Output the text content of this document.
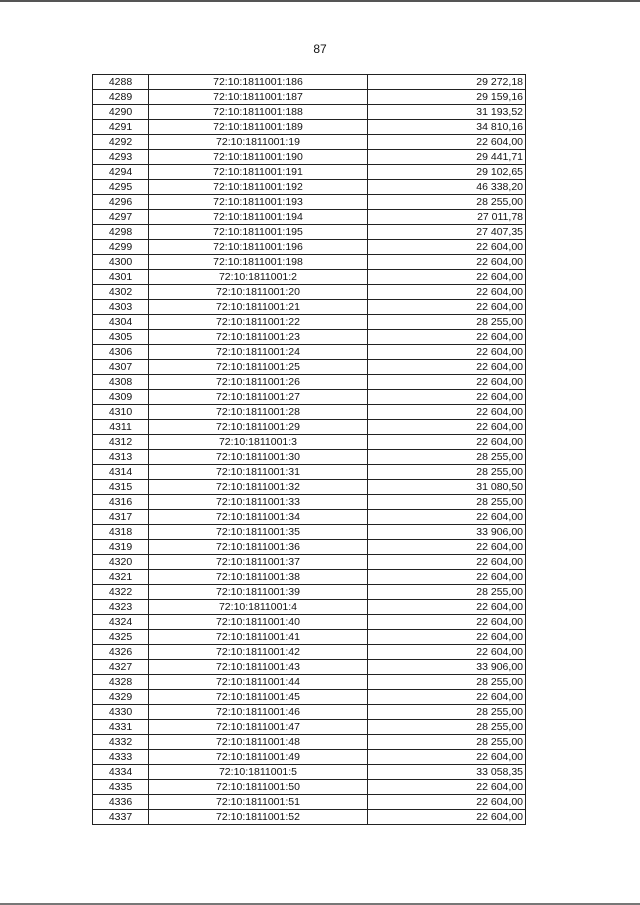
87
4288	72:10:1811001:186	29 272,18
4289	72:10:1811001:187	29 159,16
4290	72:10:1811001:188	31 193,52
4291	72:10:1811001:189	34 810,16
4292	72:10:1811001:19	22 604,00
4293	72:10:1811001:190	29 441,71
4294	72:10:1811001:191	29 102,65
4295	72:10:1811001:192	46 338,20
4296	72:10:1811001:193	28 255,00
4297	72:10:1811001:194	27 011,78
4298	72:10:1811001:195	27 407,35
4299	72:10:1811001:196	22 604,00
4300	72:10:1811001:198	22 604,00
4301	72:10:1811001:2	22 604,00
4302	72:10:1811001:20	22 604,00
4303	72:10:1811001:21	22 604,00
4304	72:10:1811001:22	28 255,00
4305	72:10:1811001:23	22 604,00
4306	72:10:1811001:24	22 604,00
4307	72:10:1811001:25	22 604,00
4308	72:10:1811001:26	22 604,00
4309	72:10:1811001:27	22 604,00
4310	72:10:1811001:28	22 604,00
4311	72:10:1811001:29	22 604,00
4312	72:10:1811001:3	22 604,00
4313	72:10:1811001:30	28 255,00
4314	72:10:1811001:31	28 255,00
4315	72:10:1811001:32	31 080,50
4316	72:10:1811001:33	28 255,00
4317	72:10:1811001:34	22 604,00
4318	72:10:1811001:35	33 906,00
4319	72:10:1811001:36	22 604,00
4320	72:10:1811001:37	22 604,00
4321	72:10:1811001:38	22 604,00
4322	72:10:1811001:39	28 255,00
4323	72:10:1811001:4	22 604,00
4324	72:10:1811001:40	22 604,00
4325	72:10:1811001:41	22 604,00
4326	72:10:1811001:42	22 604,00
4327	72:10:1811001:43	33 906,00
4328	72:10:1811001:44	28 255,00
4329	72:10:1811001:45	22 604,00
4330	72:10:1811001:46	28 255,00
4331	72:10:1811001:47	28 255,00
4332	72:10:1811001:48	28 255,00
4333	72:10:1811001:49	22 604,00
4334	72:10:1811001:5	33 058,35
4335	72:10:1811001:50	22 604,00
4336	72:10:1811001:51	22 604,00
4337	72:10:1811001:52	22 604,00
